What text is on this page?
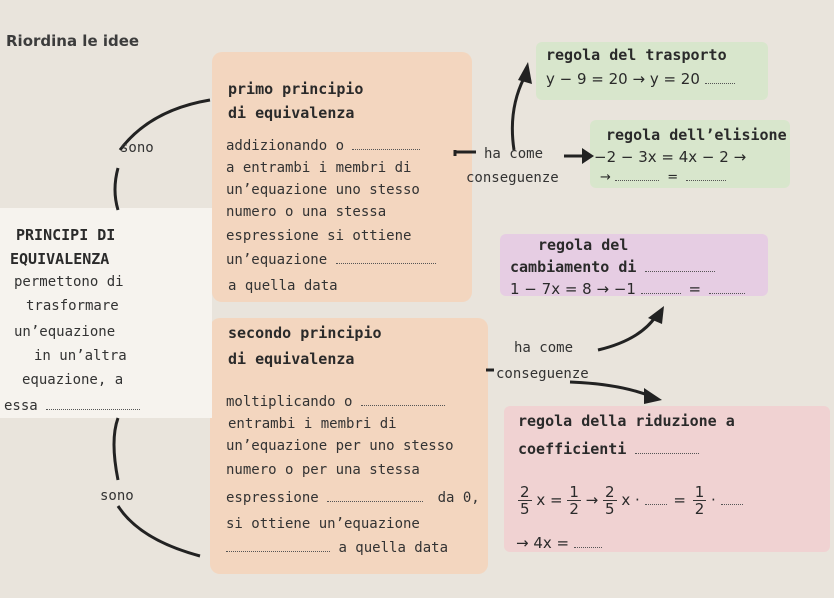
Riordina le idee
sono
PRINCIPI DI
EQUIVALENZA
permettono di
trasformare
un’equazione
in un’altra
equazione, a
essa
sono
primo principio
di equivalenza
addizionando o
a entrambi i membri di
un’equazione uno stesso
numero o una stessa
espressione si ottiene
un’equazione
a quella data
secondo principio
di equivalenza
moltiplicando o
entrambi i membri di
un’equazione per uno stesso
numero o per una stessa
espressione	da 0,
si ottiene un’equazione
a quella data
ha come
conseguenze
ha come
conseguenze
regola del trasporto
y − 9 = 20 → y = 20
regola dell’elisione
−2 − 3x = 4x − 2 →
→	=
regola del
cambiamento di
1 − 7x = 8 → −1	=
regola della riduzione a
coefficienti
$\frac{2}{5}$ $x = \frac{1}{2} \to \frac{2}{5}$ x · = $\frac{1}{2}$ ·
→ 4x =
